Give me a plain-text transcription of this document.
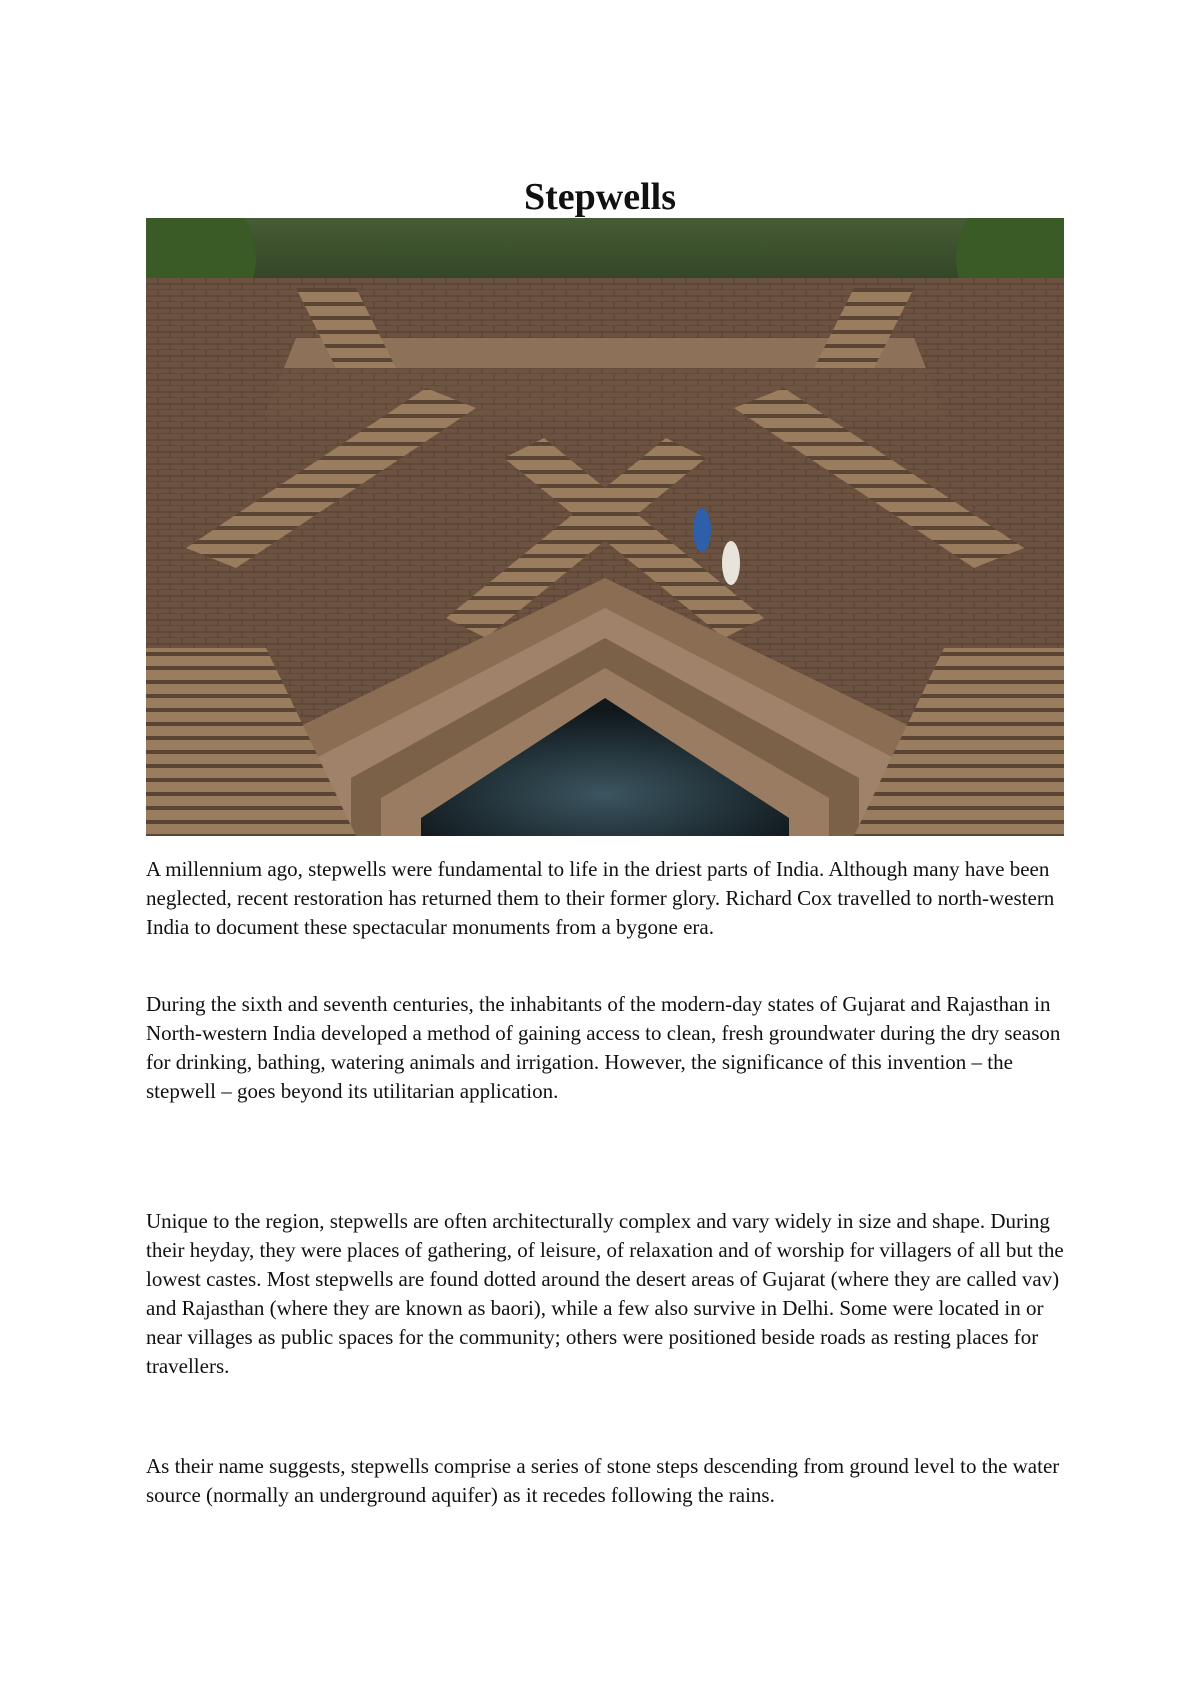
Stepwells

A millennium ago, stepwells were fundamental to life in the driest parts of India. Although many have been neglected, recent restoration has returned them to their former glory. Richard Cox travelled to north-western India to document these spectacular monuments from a bygone era.

During the sixth and seventh centuries, the inhabitants of the modern-day states of Gujarat and Rajasthan in North-western India developed a method of gaining access to clean, fresh groundwater during the dry season for drinking, bathing, watering animals and irrigation. However, the significance of this invention – the stepwell – goes beyond its utilitarian application.

Unique to the region, stepwells are often architecturally complex and vary widely in size and shape. During their heyday, they were places of gathering, of leisure, of relaxation and of worship for villagers of all but the lowest castes. Most stepwells are found dotted around the desert areas of Gujarat (where they are called vav) and Rajasthan (where they are known as baori), while a few also survive in Delhi. Some were located in or near villages as public spaces for the community; others were positioned beside roads as resting places for travellers.

As their name suggests, stepwells comprise a series of stone steps descending from ground level to the water source (normally an underground aquifer) as it recedes following the rains.
